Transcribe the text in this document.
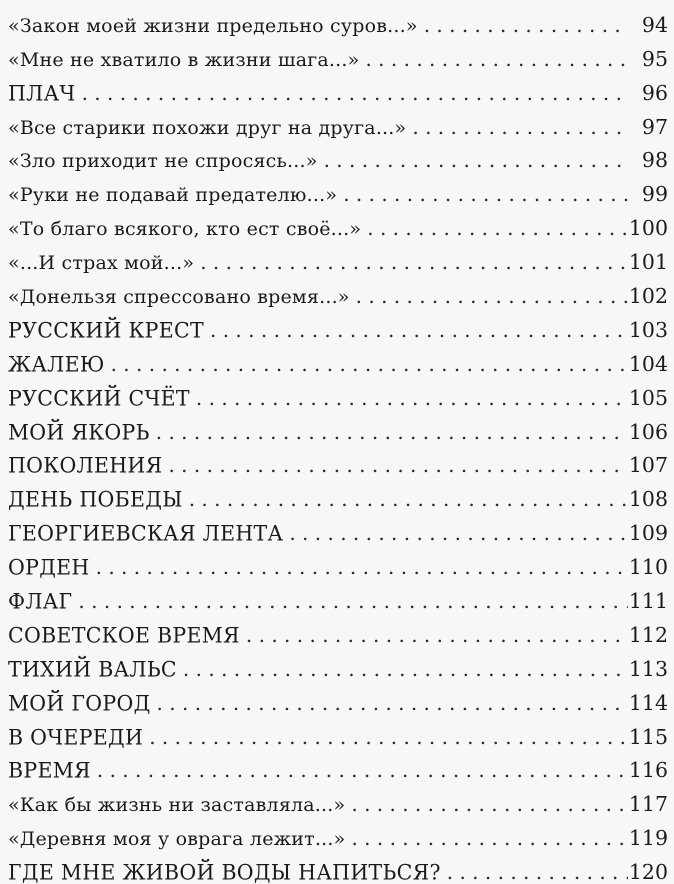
«Закон моей жизни предельно суров...» . . .	94
«Мне не хватило в жизни шага...» . . .	95
ПЛАЧ . . .	96
«Все старики похожи друг на друга...» . . .	97
«Зло приходит не спросясь...» . . .	98
«Руки не подавай предателю...» . . .	99
«То благо всякого, кто ест своё...» . . .	100
«...И страх мой...» . . .	101
«Донельзя спрессовано время...» . . .	102
РУССКИЙ КРЕСТ . . .	103
ЖАЛЕЮ . . .	104
РУССКИЙ СЧЁТ . . .	105
МОЙ ЯКОРЬ . . .	106
ПОКОЛЕНИЯ . . .	107
ДЕНЬ ПОБЕДЫ . . .	108
ГЕОРГИЕВСКАЯ ЛЕНТА . . .	109
ОРДЕН . . .	110
ФЛАГ . . .	111
СОВЕТСКОЕ ВРЕМЯ . . .	112
ТИХИЙ ВАЛЬС . . .	113
МОЙ ГОРОД . . .	114
В ОЧЕРЕДИ . . .	115
ВРЕМЯ . . .	116
«Как бы жизнь ни заставляла...» . . .	117
«Деревня моя у оврага лежит...» . . .	119
ГДЕ МНЕ ЖИВОЙ ВОДЫ НАПИТЬСЯ? . . .	120
